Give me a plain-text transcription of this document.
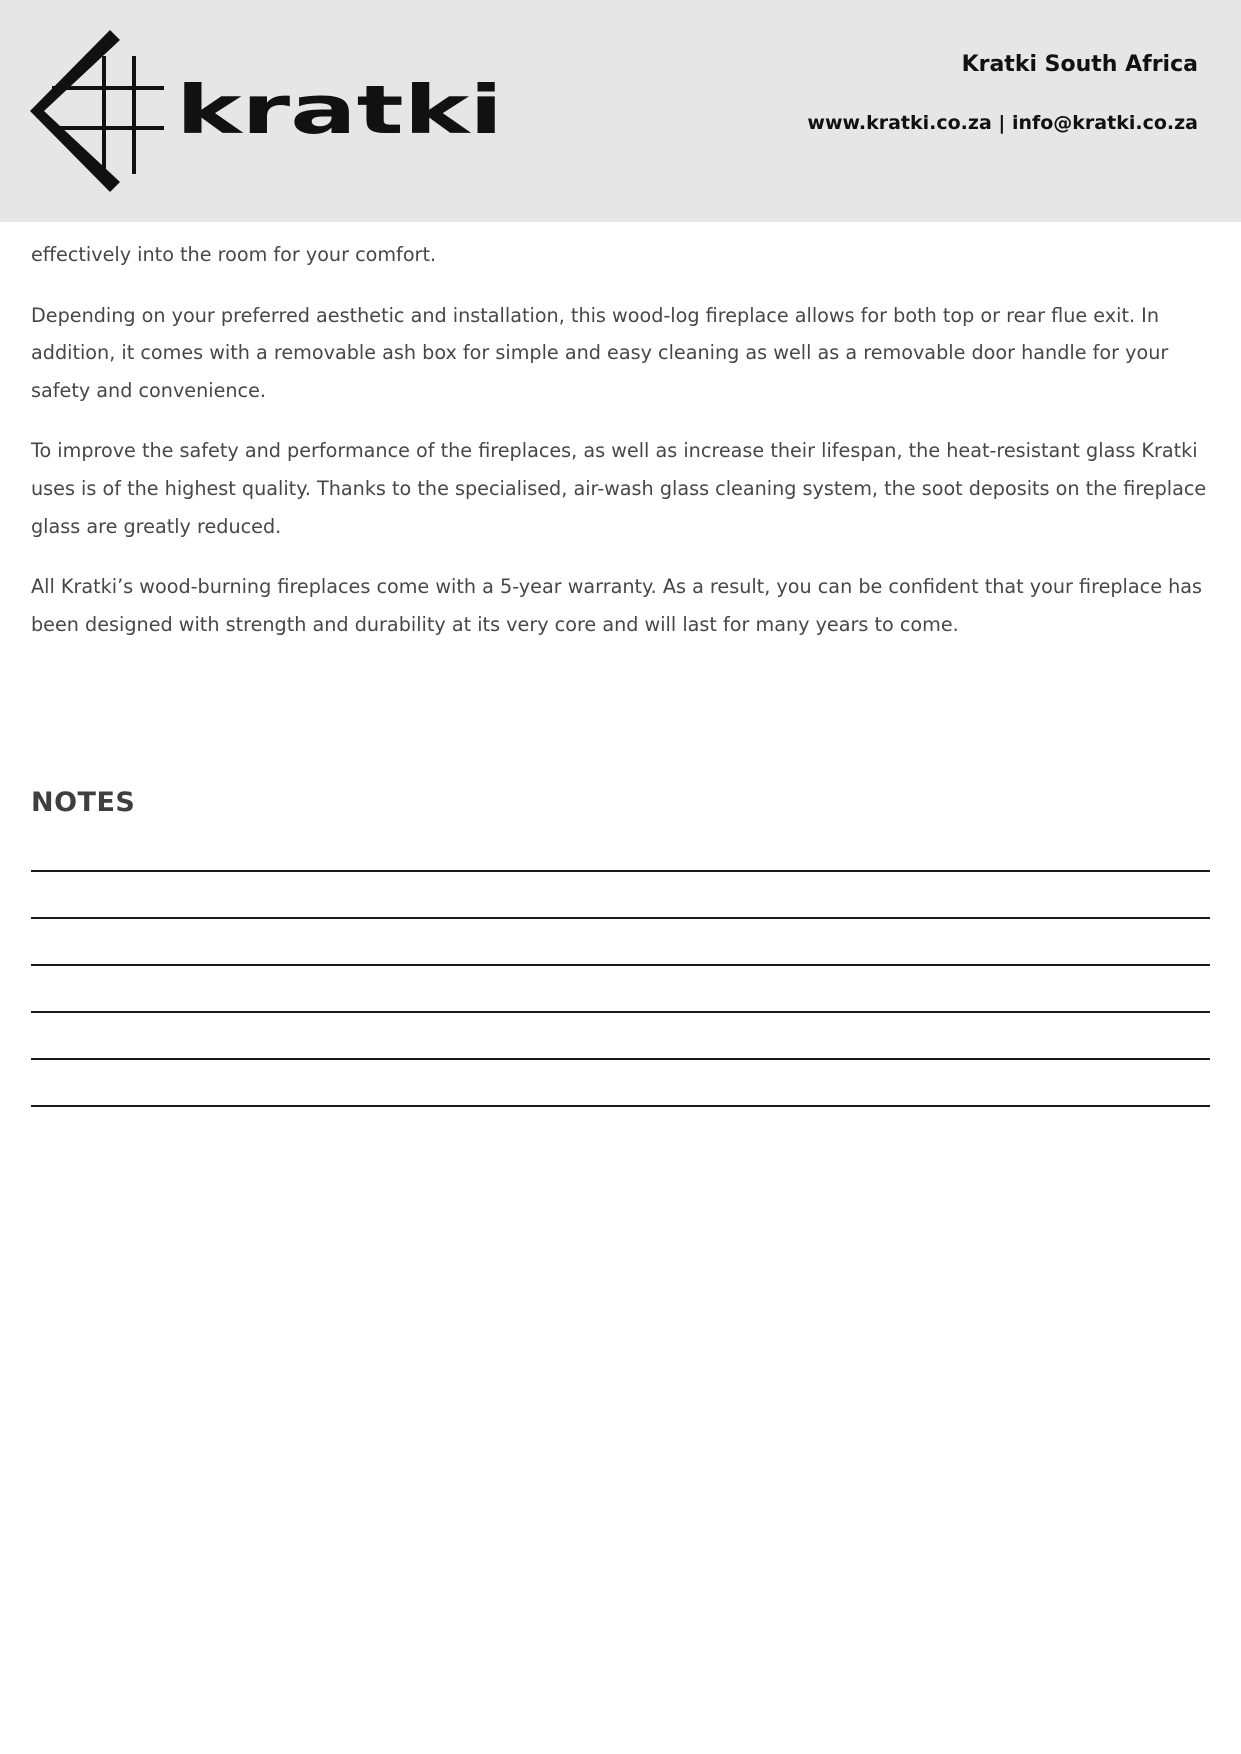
kratki
Kratki South Africa
www.kratki.co.za | info@kratki.co.za

effectively into the room for your comfort.

Depending on your preferred aesthetic and installation, this wood-log fireplace allows for both top or rear flue exit. In addition, it comes with a removable ash box for simple and easy cleaning as well as a removable door handle for your safety and convenience.

To improve the safety and performance of the fireplaces, as well as increase their lifespan, the heat-resistant glass Kratki uses is of the highest quality. Thanks to the specialised, air-wash glass cleaning system, the soot deposits on the fireplace glass are greatly reduced.

All Kratki’s wood-burning fireplaces come with a 5-year warranty. As a result, you can be confident that your fireplace has been designed with strength and durability at its very core and will last for many years to come.

NOTES
